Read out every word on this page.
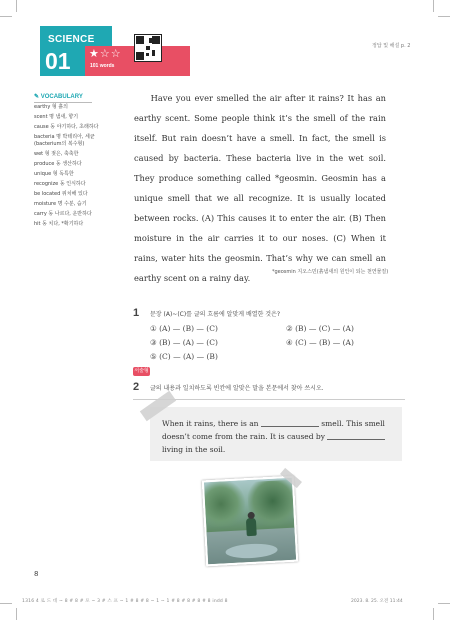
SCIENCE
01	★☆☆
101 words
정답 및 해설 p. 2
✎ VOCABULARY
earthy 형 흙의
scent 명 냄새, 향기
cause 동 야기하다, 초래하다
bacteria 명 박테리아, 세균
(bacterium의 복수형)
wet 형 젖은, 축축한
produce 동 생산하다
unique 형 독특한
recognize 동 인식하다
be located 위치해 있다
moisture 명 수분, 습기
carry 동 나르다, 운반하다
hit 동 치다, *확기하다
Have you ever smelled the air after it rains? It has an earthy scent. Some people think it’s the smell of the rain itself. But rain doesn’t have a smell. In fact, the smell is caused by bacteria. These bacteria live in the wet soil. They produce something called *geosmin. Geosmin has a unique smell that we all recognize. It is usually located between rocks. (A) This causes it to enter the air. (B) Then moisture in the air carries it to our noses. (C) When it rains, water hits the geosmin. That’s why we can smell an earthy scent on a rainy day.
*geosmin 지오스민(흙냄새의 원인이 되는 천연물질)
1 문장 (A)~(C)를 글의 흐름에 알맞게 배열한 것은?
① (A) — (B) — (C)	② (B) — (C) — (A)
③ (B) — (A) — (C)	④ (C) — (B) — (A)
⑤ (C) — (A) — (B)
서술형
2 글의 내용과 일치하도록 빈칸에 알맞은 말을 본문에서 찾아 쓰시오.
When it rains, there is an	smell. This smell doesn’t come from the rain. It is caused by  living in the soil.
8
1316 4 로 드 데 ~ 8 # 8 # 포 ~ 3 # 스 프 ~ 1 # 8 # 8 ~ 1 ~ 1 # 8 # 8 # 8 # 8 indd 8	2023. 8. 25. 오전 11:44
